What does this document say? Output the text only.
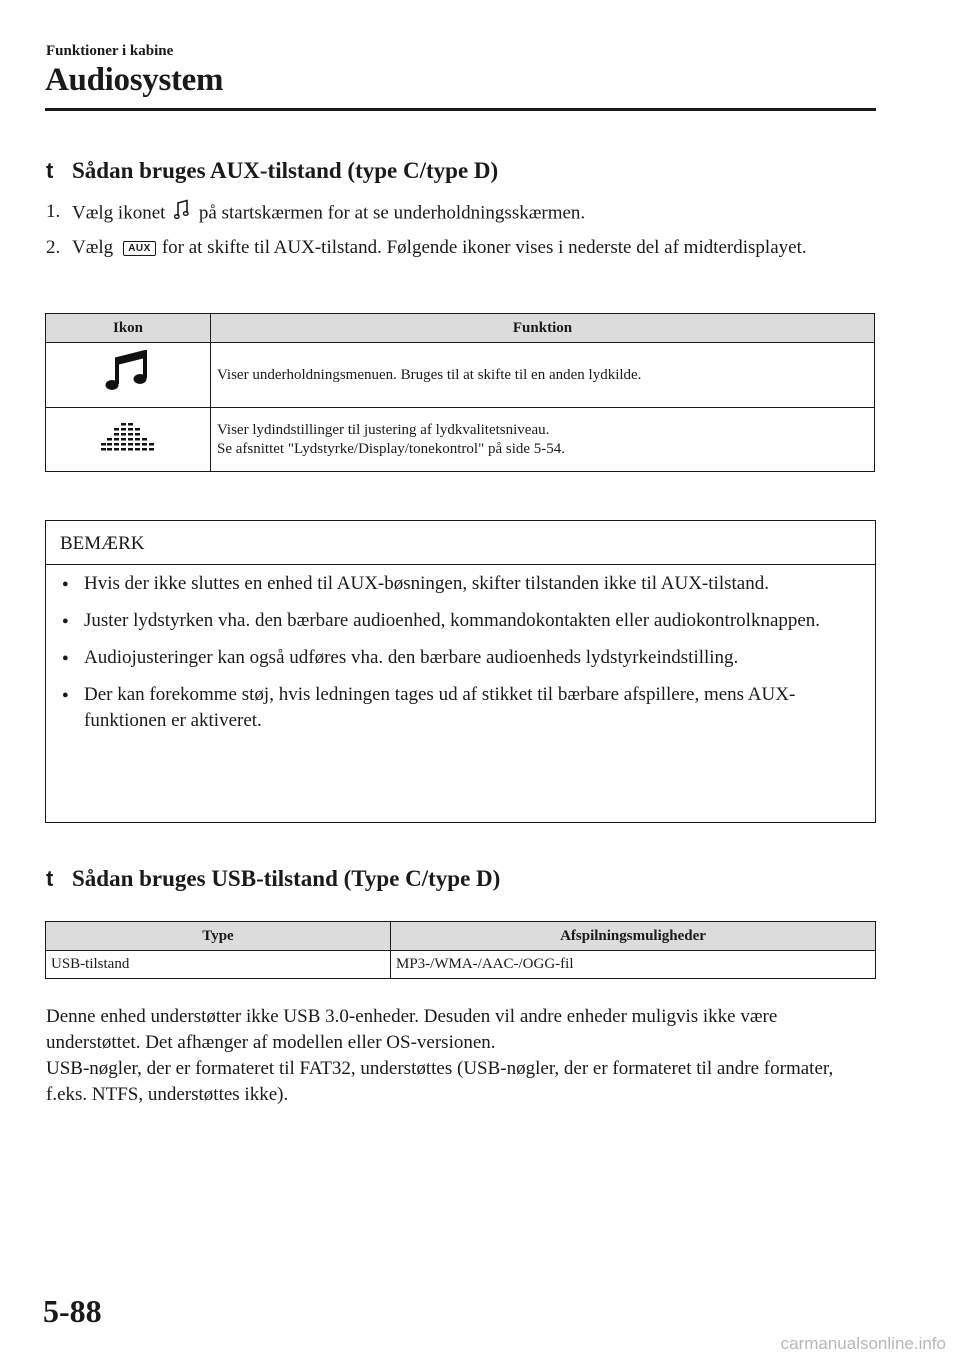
Funktioner i kabine
Audiosystem
t Sådan bruges AUX-tilstand (type C/type D)
1. Vælg ikonet på startskærmen for at se underholdningsskærmen.
2. Vælg AUX for at skifte til AUX-tilstand. Følgende ikoner vises i nederste del af midterdisplayet.
Ikon	Funktion

Viser underholdningsmenuen. Bruges til at skifte til en anden lydkilde.

Viser lydindstillinger til justering af lydkvalitetsniveau.
Se afsnittet "Lydstyrke/Display/tonekontrol" på side 5-54.
BEMÆRK
● Hvis der ikke sluttes en enhed til AUX-bøsningen, skifter tilstanden ikke til AUX-tilstand.
● Juster lydstyrken vha. den bærbare audioenhed, kommandokontakten eller audiokontrolknappen.
● Audiojusteringer kan også udføres vha. den bærbare audioenheds lydstyrkeindstilling.
● Der kan forekomme støj, hvis ledningen tages ud af stikket til bærbare afspillere, mens AUX-funktionen er aktiveret.
t Sådan bruges USB-tilstand (Type C/type D)
Type	Afspilningsmuligheder
USB-tilstand	MP3-/WMA-/AAC-/OGG-fil
Denne enhed understøtter ikke USB 3.0-enheder. Desuden vil andre enheder muligvis ikke være understøttet. Det afhænger af modellen eller OS-versionen.
USB-nøgler, der er formateret til FAT32, understøttes (USB-nøgler, der er formateret til andre formater, f.eks. NTFS, understøttes ikke).
5-88
carmanualsonline.info
